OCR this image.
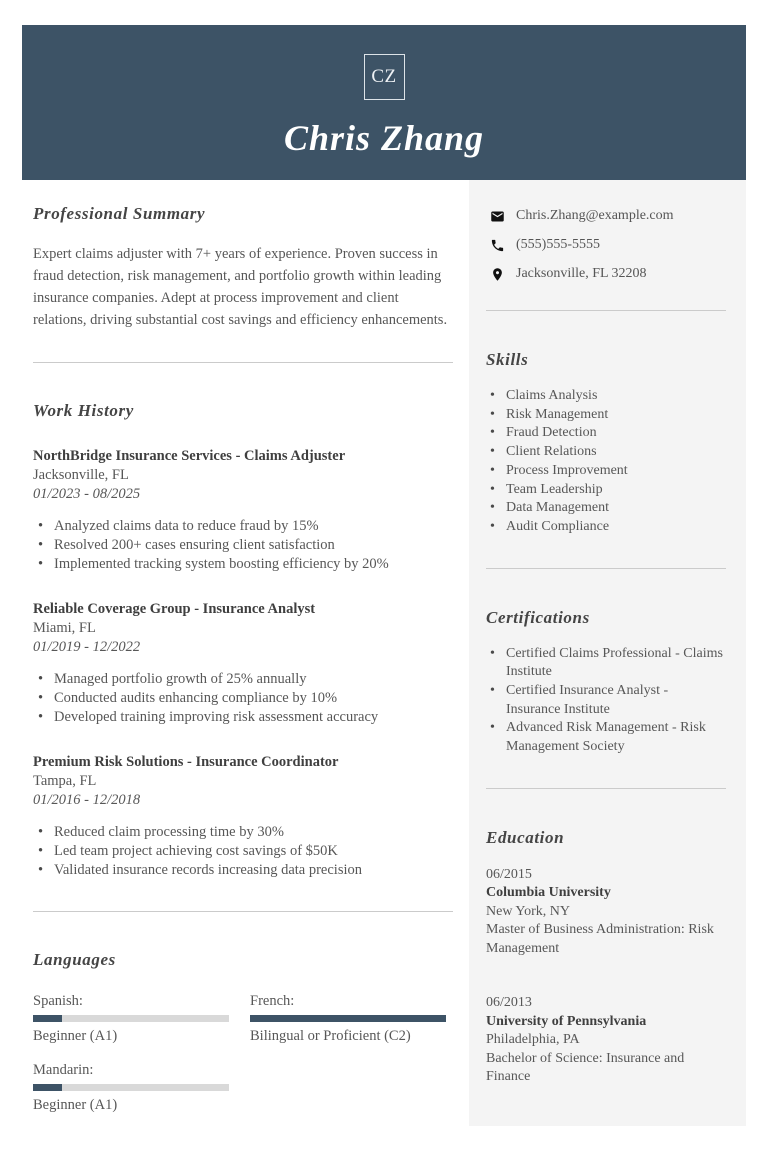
CZ
Chris Zhang
Professional Summary

Expert claims adjuster with 7+ years of experience. Proven success in fraud detection, risk management, and portfolio growth within leading insurance companies. Adept at process improvement and client relations, driving substantial cost savings and efficiency enhancements.

Work History
NorthBridge Insurance Services - Claims Adjuster
Jacksonville, FL
01/2023 - 08/2025
• Analyzed claims data to reduce fraud by 15%
• Resolved 200+ cases ensuring client satisfaction
• Implemented tracking system boosting efficiency by 20%
Reliable Coverage Group - Insurance Analyst
Miami, FL
01/2019 - 12/2022
• Managed portfolio growth of 25% annually
• Conducted audits enhancing compliance by 10%
• Developed training improving risk assessment accuracy
Premium Risk Solutions - Insurance Coordinator
Tampa, FL
01/2016 - 12/2018
• Reduced claim processing time by 30%
• Led team project achieving cost savings of $50K
• Validated insurance records increasing data precision
Languages
Spanish:
Beginner (A1)
French:
Bilingual or Proficient (C2)
Mandarin:
Beginner (A1)
Chris.Zhang@example.com
(555)555-5555
Jacksonville, FL 32208
Skills
• Claims Analysis
• Risk Management
• Fraud Detection
• Client Relations
• Process Improvement
• Team Leadership
• Data Management
• Audit Compliance
Certifications
• Certified Claims Professional - Claims Institute
• Certified Insurance Analyst - Insurance Institute
• Advanced Risk Management - Risk Management Society
Education
06/2015
Columbia University
New York, NY
Master of Business Administration: Risk Management
06/2013
University of Pennsylvania
Philadelphia, PA
Bachelor of Science: Insurance and Finance
